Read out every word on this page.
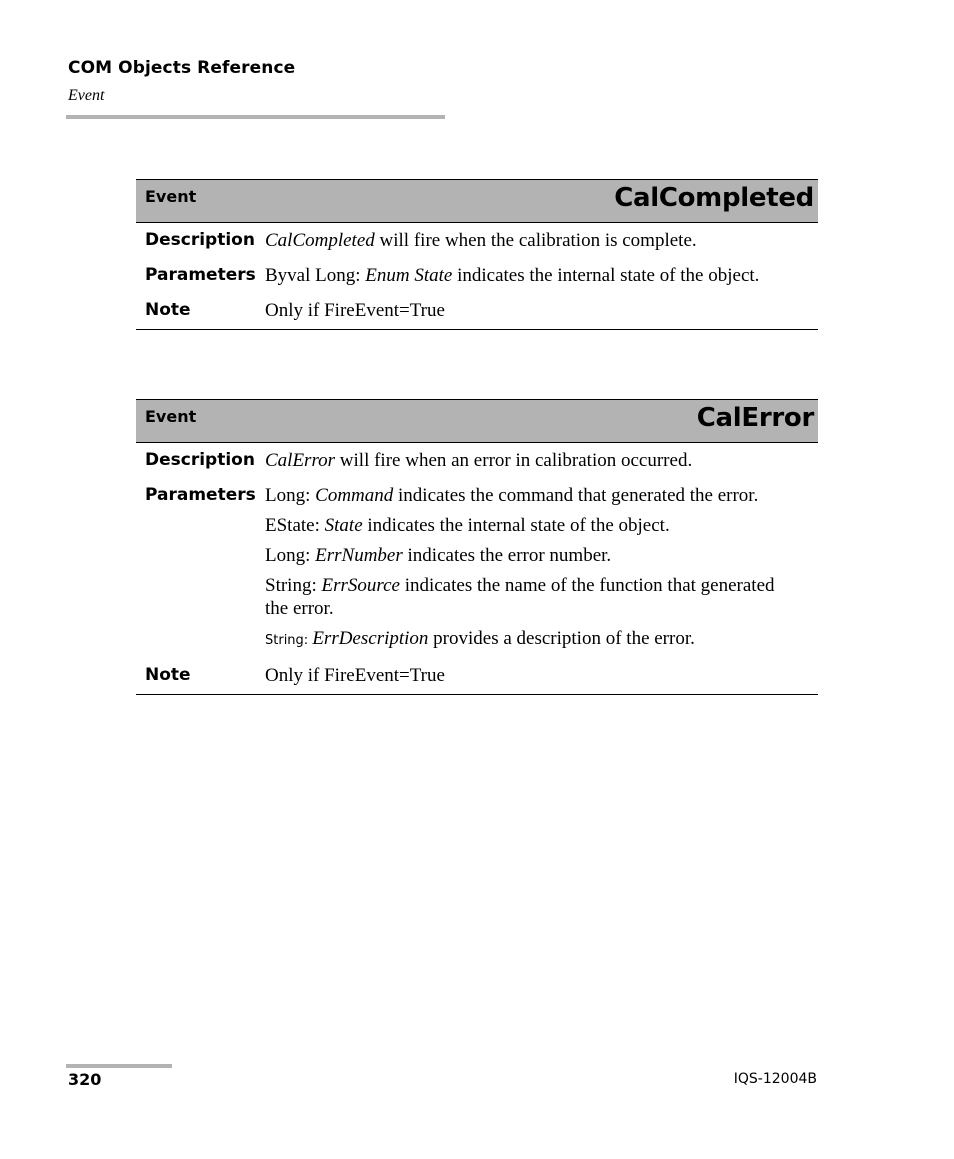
COM Objects Reference
Event
Event	CalCompleted
Description CalCompleted will fire when the calibration is complete.
Parameters Byval Long: Enum State indicates the internal state of the object.
Note	Only if FireEvent=True
Event	CalError
Description CalError will fire when an error in calibration occurred.
Parameters Long: Command indicates the command that generated the error.
EState: State indicates the internal state of the object.
Long: ErrNumber indicates the error number.
String: ErrSource indicates the name of the function that generated the error.
String: ErrDescription provides a description of the error.
Note	Only if FireEvent=True
320	IQS-12004B
